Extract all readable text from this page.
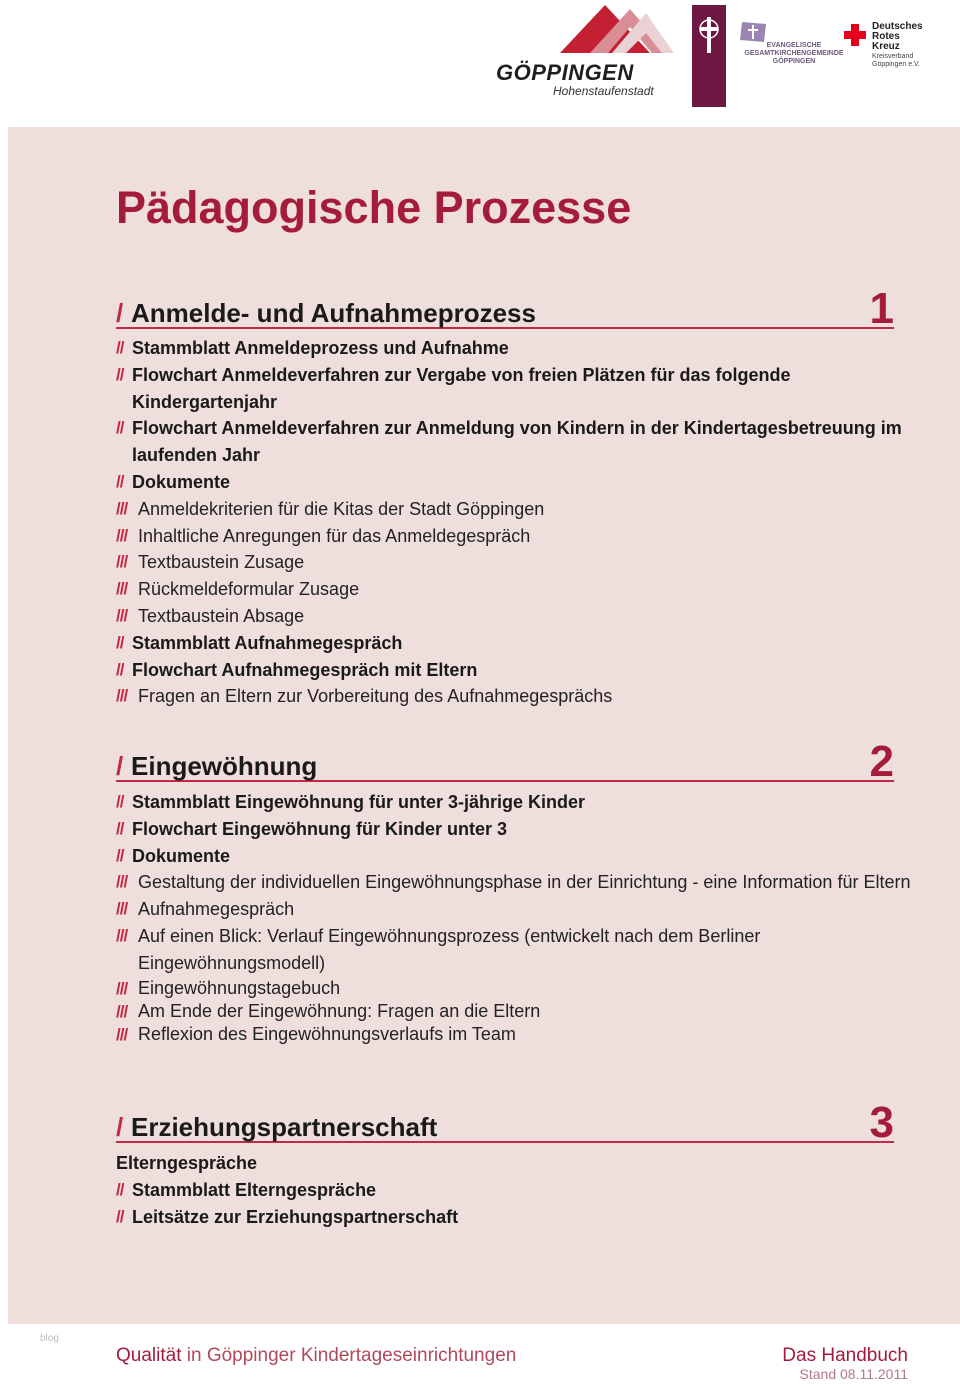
GÖPPINGEN
Hohenstaufenstadt
EVANGELISCHE GESAMTKIRCHENGEMEINDE GÖPPINGEN
Deutsches
Rotes
Kreuz
Kreisverband
Göppingen e.V.
Pädagogische Prozesse
/ Anmelde- und Aufnahmeprozess	1
// Stammblatt Anmeldeprozess und Aufnahme
// Flowchart Anmeldeverfahren zur Vergabe von freien Plätzen für das folgende Kindergartenjahr
// Flowchart Anmeldeverfahren zur Anmeldung von Kindern in der Kindertagesbetreuung im laufenden Jahr
// Dokumente
/// Anmeldekriterien für die Kitas der Stadt Göppingen
/// Inhaltliche Anregungen für das Anmeldegespräch
/// Textbaustein Zusage
/// Rückmeldeformular Zusage
/// Textbaustein Absage
// Stammblatt Aufnahmegespräch
// Flowchart Aufnahmegespräch mit Eltern
/// Fragen an Eltern zur Vorbereitung des Aufnahmegesprächs
/ Eingewöhnung	2
// Stammblatt Eingewöhnung für unter 3-jährige Kinder
// Flowchart Eingewöhnung für Kinder unter 3
// Dokumente
/// Gestaltung der individuellen Eingewöhnungsphase in der Einrichtung - eine Information für Eltern
/// Aufnahmegespräch
/// Auf einen Blick: Verlauf Eingewöhnungsprozess (entwickelt nach dem Berliner Eingewöhnungsmodell)
/// Eingewöhnungstagebuch
/// Am Ende der Eingewöhnung: Fragen an die Eltern
/// Reflexion des Eingewöhnungsverlaufs im Team
/ Erziehungspartnerschaft	3
Elterngespräche
// Stammblatt Elterngespräche
// Leitsätze zur Erziehungspartnerschaft
blog
Qualität in Göppinger Kindertageseinrichtungen	Das Handbuch
Stand 08.11.2011
